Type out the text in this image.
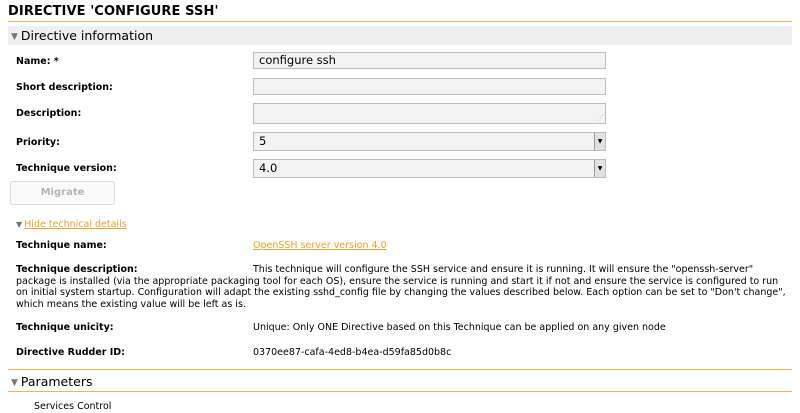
DIRECTIVE 'CONFIGURE SSH'
▼ Directive information
Name: *	configure ssh
Short description:
Description:	⋰
Priority:	5	▼
Technique version:	4.0	▼
Migrate
▼ Hide technical details
Technique name:	OpenSSH server version 4.0
Technique description:	This technique will configure the SSH service and ensure it is running. It will ensure the "openssh-server" package is installed (via the appropriate packaging tool for each OS), ensure the service is running and start it if not and ensure the service is configured to run on initial system startup. Configuration will adapt the existing sshd_config file by changing the values described below. Each option can be set to "Don't change", which means the existing value will be left as is.
Technique unicity:	Unique: Only ONE Directive based on this Technique can be applied on any given node
Directive Rudder ID:	0370ee87-cafa-4ed8-b4ea-d59fa85d0b8c
▼ Parameters
Services Control
